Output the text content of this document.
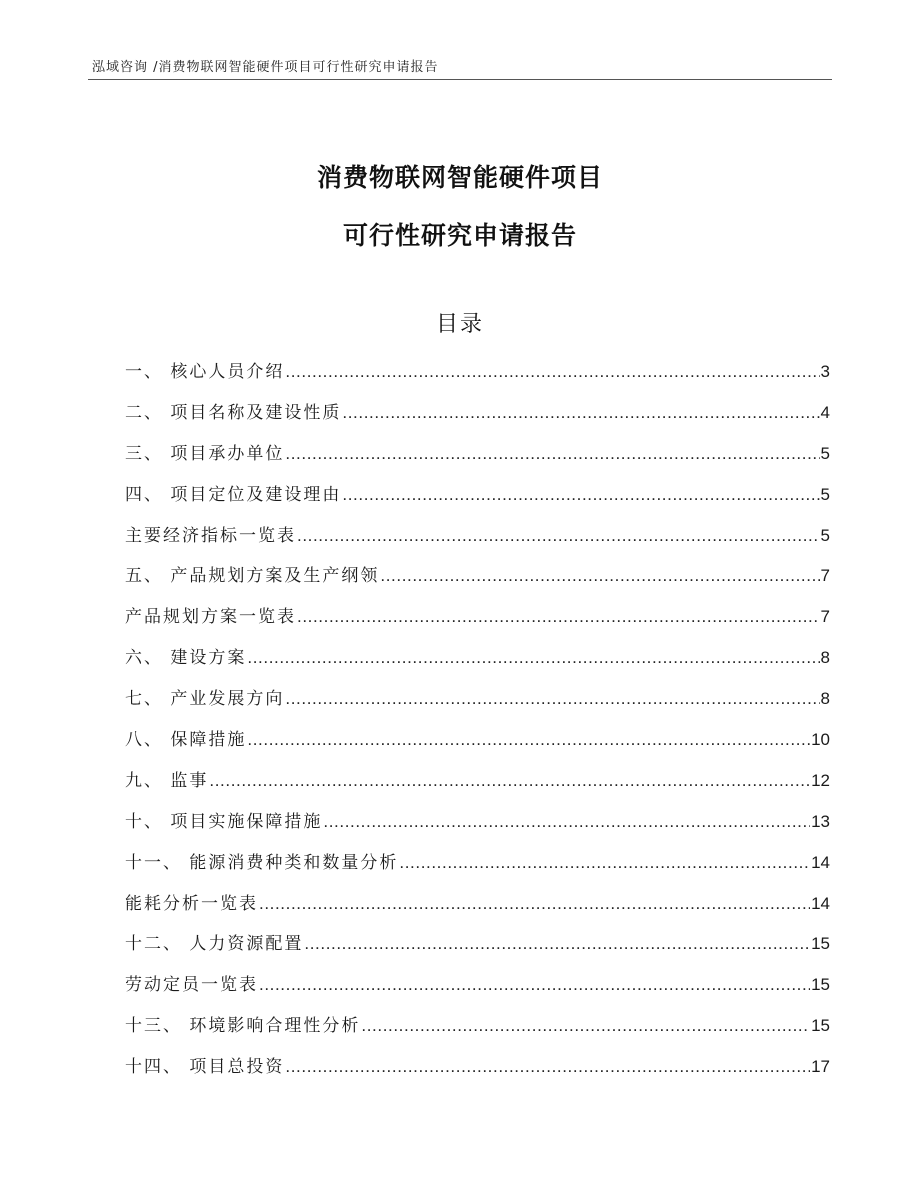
泓域咨询 /消费物联网智能硬件项目可行性研究申请报告
消费物联网智能硬件项目
可行性研究申请报告
目录
一、 核心人员介绍 .....	3
二、 项目名称及建设性质 .....	4
三、 项目承办单位 .....	5
四、 项目定位及建设理由 .....	5
主要经济指标一览表 .....	5
五、 产品规划方案及生产纲领 .....	7
产品规划方案一览表 .....	7
六、 建设方案 .....	8
七、 产业发展方向 .....	8
八、 保障措施 .....	10
九、 监事 .....	12
十、 项目实施保障措施 .....	13
十一、 能源消费种类和数量分析 .....	14
能耗分析一览表 .....	14
十二、 人力资源配置 .....	15
劳动定员一览表 .....	15
十三、 环境影响合理性分析 .....	15
十四、 项目总投资 .....	17
